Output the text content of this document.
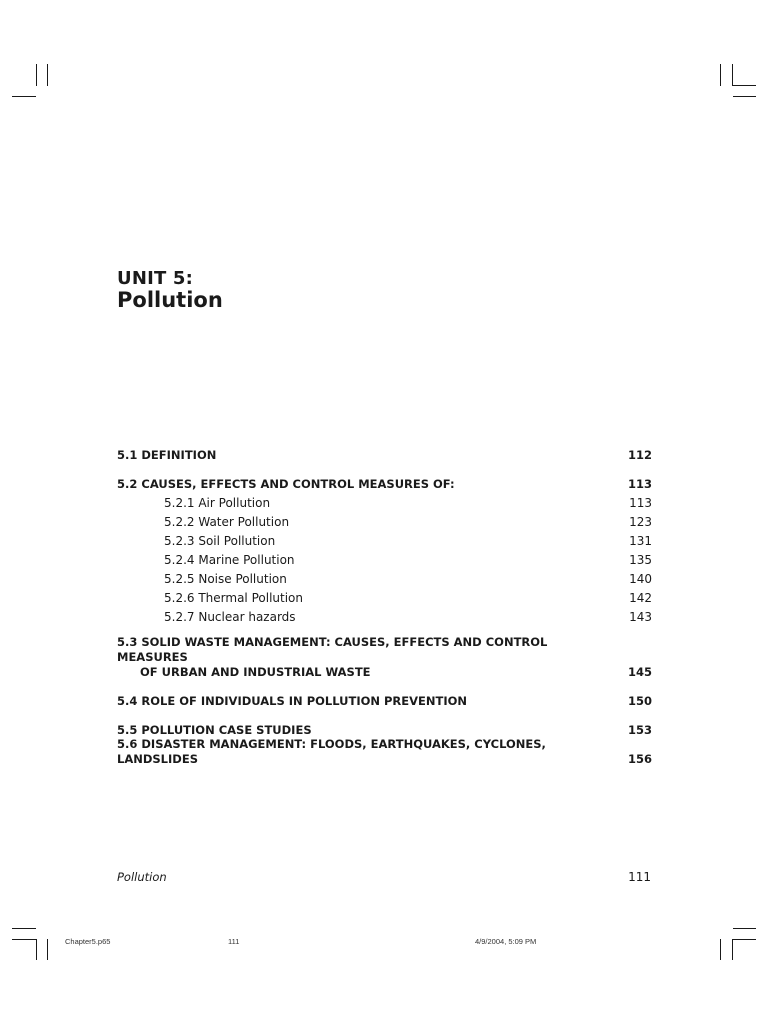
UNIT 5:
Pollution
5.1 DEFINITION	112
5.2 CAUSES, EFFECTS AND CONTROL MEASURES OF:	113
5.2.1 Air Pollution	113
5.2.2 Water Pollution	123
5.2.3 Soil Pollution	131
5.2.4 Marine Pollution	135
5.2.5 Noise Pollution	140
5.2.6 Thermal Pollution	142
5.2.7 Nuclear hazards	143
5.3 SOLID WASTE MANAGEMENT: CAUSES, EFFECTS AND CONTROL MEASURES
OF URBAN AND INDUSTRIAL WASTE	145
5.4 ROLE OF INDIVIDUALS IN POLLUTION PREVENTION	150
5.5 POLLUTION CASE STUDIES	153
5.6 DISASTER MANAGEMENT: FLOODS, EARTHQUAKES, CYCLONES, LANDSLIDES	156
Pollution	111
Chapter5.p65	111	4/9/2004, 5:09 PM
